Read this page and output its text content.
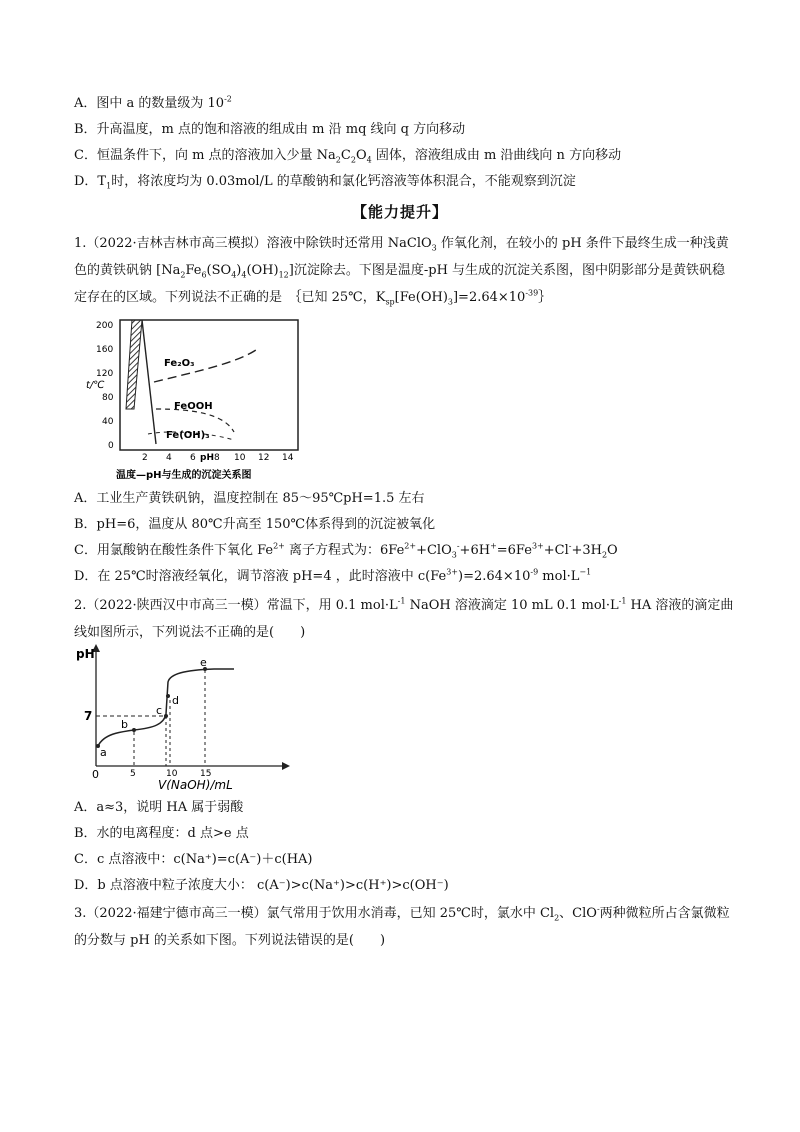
A．图中 a 的数量级为 $10^{-2}$
B．升高温度，m 点的饱和溶液的组成由 m 沿 mq 线向 q 方向移动
C．恒温条件下，向 m 点的溶液加入少量 $Na_2C_2O_4$ 固体，溶液组成由 m 沿曲线向 n 方向移动
D．$T_1$时，将浓度均为 0.03mol/L 的草酸钠和氯化钙溶液等体积混合，不能观察到沉淀
【能力提升】
1.（2022·吉林吉林市高三模拟）溶液中除铁时还常用 NaClO$_3$ 作氧化剂，在较小的 pH 条件下最终生成一种浅黄色的黄铁矾钠 $[Na_2Fe_6(SO_4)_4(OH)_{12}]$沉淀除去。下图是温度-pH 与生成的沉淀关系图，图中阴影部分是黄铁矾稳定存在的区域。下列说法不正确的是　｛已知 25℃，$K_{sp}[Fe(OH)_3]=2.64\times 10^{-39}\}$
t/℃
200
160
120
80
40
0
2 4 6 8 10 12 14
pH
Fe₂O₃
FeOOH
Fe(OH)₃
温度—pH与生成的沉淀关系图
A．工业生产黄铁矾钠，温度控制在 85～95℃pH=1.5 左右
B．pH=6，温度从 80℃升高至 150℃体系得到的沉淀被氧化
C．用氯酸钠在酸性条件下氧化 $Fe^{2+}$ 离子方程式为：$6Fe^{2+}+ClO_3^-+6H^+=6Fe^{3+}+Cl^-+3H_2O$
D．在 25℃时溶液经氧化，调节溶液 pH=4 ，此时溶液中 $c(Fe^{3+})=2.64\times 10^{-9}$ $mol\cdot L^{-1}$
2.（2022·陕西汉中市高三一模）常温下，用 0.1 $mol\cdot L^{-1}$ NaOH 溶液滴定 10 mL 0.1 $mol\cdot L^{-1}$ HA 溶液的滴定曲线如图所示，下列说法不正确的是(　　)
pH
7
0	5	10	15
V(NaOH)/mL
a
b
c
d
e
A．a≈3，说明 HA 属于弱酸
B．水的电离程度：d 点>e 点
C．c 点溶液中：c(Na⁺)=c(A⁻)＋c(HA)
D．b 点溶液中粒子浓度大小： c(A⁻)>c(Na⁺)>c(H⁺)>c(OH⁻)
3.（2022·福建宁德市高三一模）氯气常用于饮用水消毒，已知 25℃时，氯水中 $Cl_2$、ClO-两种微粒所占含氯微粒的分数与 pH 的关系如下图。下列说法错误的是(　　)
